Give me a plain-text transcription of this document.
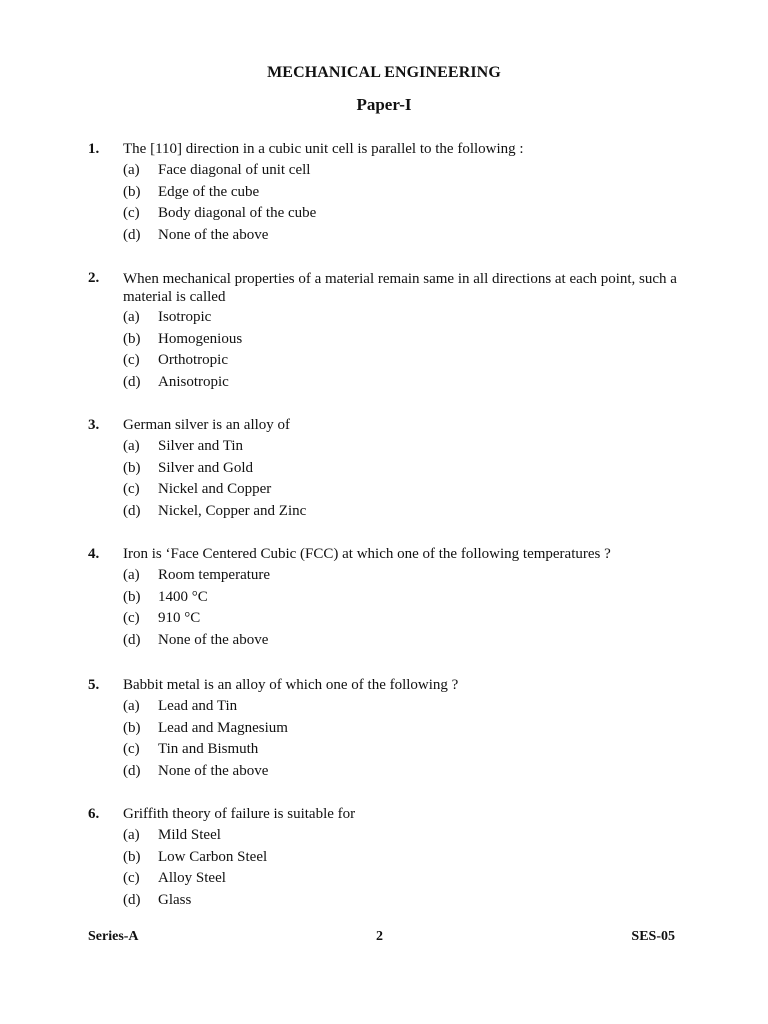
MECHANICAL ENGINEERING
Paper-I
1. The [110] direction in a cubic unit cell is parallel to the following :
(a) Face diagonal of unit cell
(b) Edge of the cube
(c) Body diagonal of the cube
(d) None of the above
2. When mechanical properties of a material remain same in all directions at each point, such a material is called
(a) Isotropic
(b) Homogenious
(c) Orthotropic
(d) Anisotropic
3. German silver is an alloy of
(a) Silver and Tin
(b) Silver and Gold
(c) Nickel and Copper
(d) Nickel, Copper and Zinc
4. Iron is ‘Face Centered Cubic (FCC) at which one of the following temperatures ?
(a) Room temperature
(b) 1400 °C
(c) 910 °C
(d) None of the above
5. Babbit metal is an alloy of which one of the following ?
(a) Lead and Tin
(b) Lead and Magnesium
(c) Tin and Bismuth
(d) None of the above
6. Griffith theory of failure is suitable for
(a) Mild Steel
(b) Low Carbon Steel
(c) Alloy Steel
(d) Glass
Series-A	2	SES-05
